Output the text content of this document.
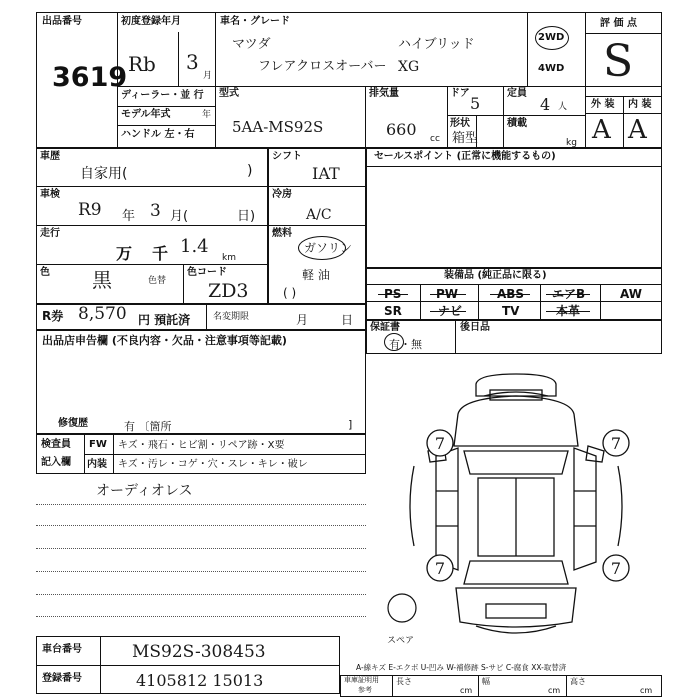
出品番号
3619
初度登録年月
Rb 3
月
車名・グレード
マツダ	ハイブリッド
フレアクロスオーバー XG
2WD
4WD
評 価 点
S
ディーラー・並 行
モデル年式	年
ハンドル 左・右
型式
5AA-MS92S
排気量
660 cc
ドア
5
定員
4 人
形状
箱型
積載
kg
外 装 内 装
A A
車歴
自家用(	)
車検
R9 年 3 月(	日)
走行
万 千 1.4
km
色 黒	色替
色コード
ZD3
シフト
IAT
冷房
A/C
燃料
ガソリン
軽 油
( )
R券 8,570 円 預託済	名変期限	月	日
出品店申告欄 (不良内容・欠品・注意事項等記載)
修復歴	有 〔箇所	]
検査員
記入欄
FW キズ・飛石・ヒビ割・リペア跡・X要
内装 キズ・汚レ・コゲ・穴・スレ・キレ・破レ
オーディオレス
車台番号	MS92S-308453
登録番号	4105812 15013
セールスポイント (正常に機能するもの)
装備品 (純正品に限る)
PS	PW	ABS エアB	AW
SR	ナビ	TV	本革
保証書
有・無
後日品
7	7
7	7
スペア
A-線キズ E-エクボ U-凹み W-補修跡 S-サビ C-腐食 XX-取替済
車庫証明用
参考
長さ
cm
幅
cm
高さ
cm
